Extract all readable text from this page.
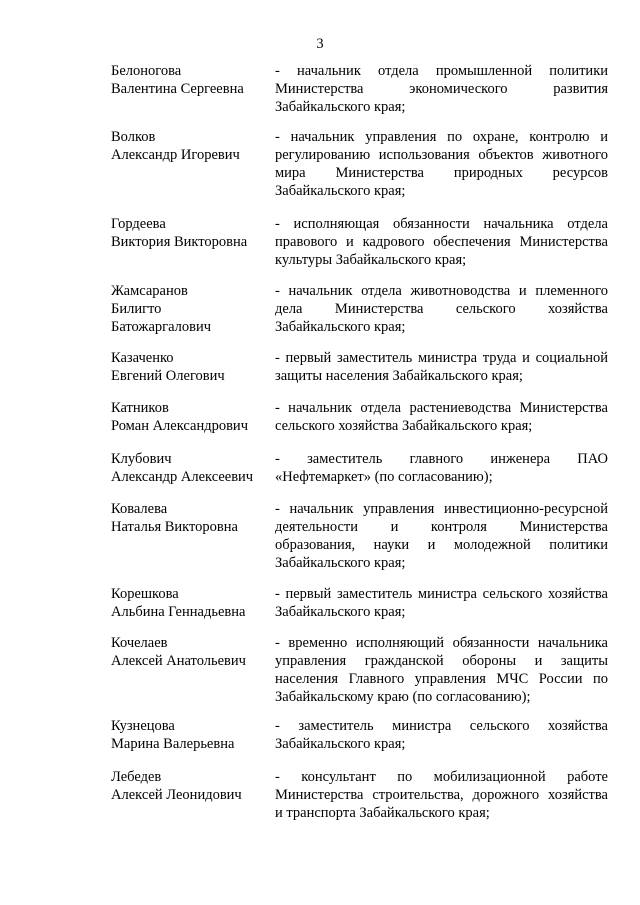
3
Белоногова
Валентина Сергеевна
- начальник отдела промышленной политики
Министерства экономического развития
Забайкальского края;
Волков
Александр Игоревич
- начальник управления по охране, контролю и
регулированию использования объектов животного
мира Министерства природных ресурсов
Забайкальского края;
Гордеева
Виктория Викторовна
- исполняющая обязанности начальника отдела
правового и кадрового обеспечения Министерства
культуры Забайкальского края;
Жамсаранов
Билигто
Батожаргалович
- начальник отдела животноводства и племенного
дела Министерства сельского хозяйства
Забайкальского края;
Казаченко
Евгений Олегович
- первый заместитель министра труда и социальной
защиты населения Забайкальского края;
Катников
Роман Александрович
- начальник отдела растениеводства Министерства
сельского хозяйства Забайкальского края;
Клубович
Александр Алексеевич
- заместитель главного инженера ПАО
«Нефтемаркет» (по согласованию);
Ковалева
Наталья Викторовна
- начальник управления инвестиционно-ресурсной
деятельности и контроля Министерства
образования, науки и молодежной политики
Забайкальского края;
Корешкова
Альбина Геннадьевна
- первый заместитель министра сельского хозяйства
Забайкальского края;
Кочелаев
Алексей Анатольевич
- временно исполняющий обязанности начальника
управления гражданской обороны и защиты
населения Главного управления МЧС России по
Забайкальскому краю (по согласованию);
Кузнецова
Марина Валерьевна
- заместитель министра сельского хозяйства
Забайкальского края;
Лебедев
Алексей Леонидович
- консультант по мобилизационной работе
Министерства строительства, дорожного хозяйства
и транспорта Забайкальского края;
